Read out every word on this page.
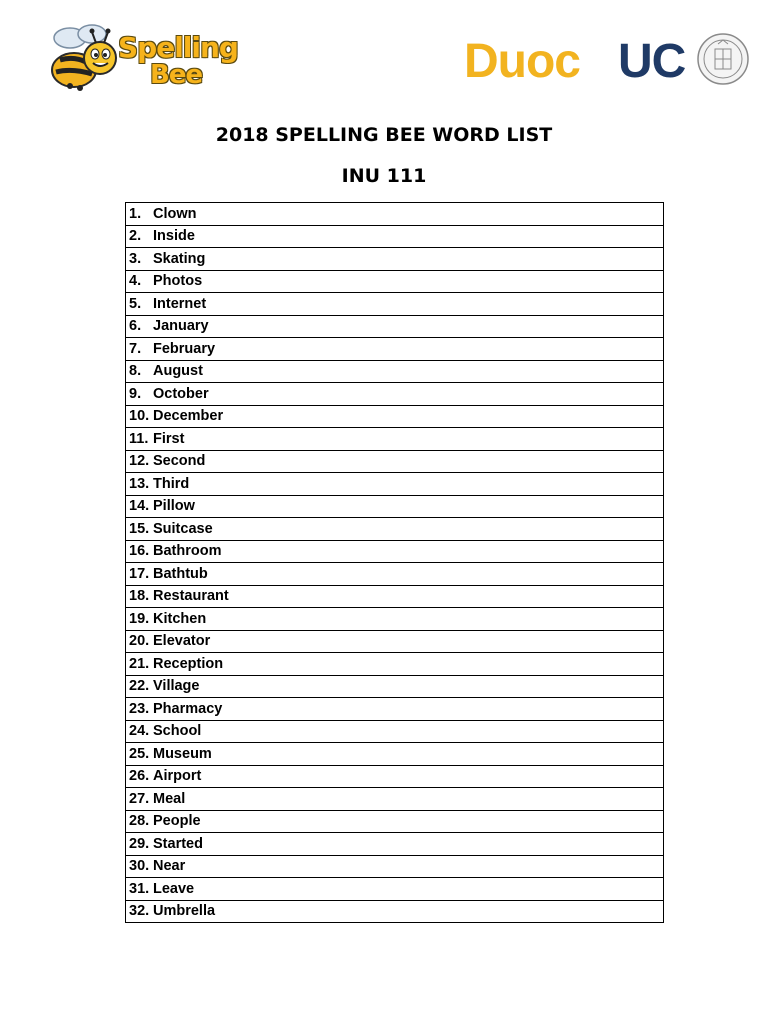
Spelling
Bee	Duoc UC
2018 SPELLING BEE WORD LIST
INU 111
1. Clown
2. Inside
3. Skating
4. Photos
5. Internet
6. January
7. February
8. August
9. October
10. December
11. First
12. Second
13. Third
14. Pillow
15. Suitcase
16. Bathroom
17. Bathtub
18. Restaurant
19. Kitchen
20. Elevator
21. Reception
22. Village
23. Pharmacy
24. School
25. Museum
26. Airport
27. Meal
28. People
29. Started
30. Near
31. Leave
32. Umbrella
